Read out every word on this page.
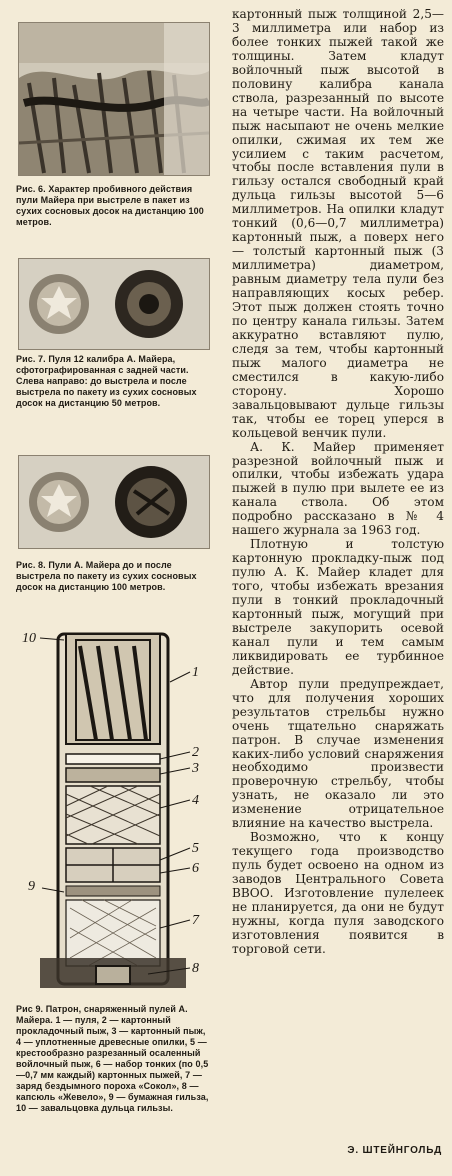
Рис. 6. Характер пробивного действия пули Майера при выстреле в пакет из сухих сосновых досок на дистанцию 100 метров.
Рис. 7. Пуля 12 калибра А. Майера, сфотографированная с задней части. Слева направо: до выстрела и после выстрела по пакету из сухих сосновых досок на дистанцию 50 метров.
Рис. 8. Пули А. Майера до и после выстрела по пакету из сухих сосновых досок на дистанцию 100 метров.
10
1
2
3
4
5
6
9
7
8
Рис 9. Патрон, снаряженный пулей А. Майера. 1 — пуля, 2 — картонный прокладочный пыж, 3 — картонный пыж, 4 — уплотненные древесные опилки, 5 — крестообразно разрезанный осаленный войлочный пыж, 6 — набор тонких (по 0,5—0,7 мм каждый) картонных пыжей, 7 — заряд бездымного пороха «Сокол», 8 — капсюль «Жевело», 9 — бумажная гильза, 10 — завальцовка дульца гильзы.

картонный пыж толщиной 2,5—3 миллиметра или набор из более тонких пыжей такой же толщины. Затем кладут войлочный пыж высотой в половину калибра канала ствола, разрезанный по высоте на четыре части. На войлочный пыж насыпают не очень мелкие опилки, сжимая их тем же усилием с таким расчетом, чтобы после вставления пули в гильзу остался свободный край дульца гильзы высотой 5—6 миллиметров. На опилки кладут тонкий (0,6—0,7 миллиметра) картонный пыж, а поверх него — толстый картонный пыж (3 миллиметра) диаметром, равным диаметру тела пули без направляющих косых ребер. Этот пыж должен стоять точно по центру канала гильзы. Затем аккуратно вставляют пулю, следя за тем, чтобы картонный пыж малого диаметра не сместился в какую-либо сторону. Хорошо завальцовывают дульце гильзы так, чтобы ее торец уперся в кольцевой венчик пули.

А. К. Майер применяет разрезной войлочный пыж и опилки, чтобы избежать удара пыжей в пулю при вылете ее из канала ствола. Об этом подробно рассказано в № 4 нашего журнала за 1963 год.

Плотную и толстую картонную прокладку-пыж под пулю А. К. Майер кладет для того, чтобы избежать врезания пули в тонкий прокладочный картонный пыж, могущий при выстреле закупорить осевой канал пули и тем самым ликвидировать ее турбинное действие.

Автор пули предупреждает, что для получения хороших результатов стрельбы нужно очень тщательно снаряжать патрон. В случае изменения каких-либо условий снаряжения необходимо произвести проверочную стрельбу, чтобы узнать, не оказало ли это изменение отрицательное влияние на качество выстрела.

Возможно, что к концу текущего года производство пуль будет освоено на одном из заводов Центрального Совета ВВОО. Изготовление пулелеек не планируется, да они не будут нужны, когда пуля заводского изготовления появится в торговой сети.

Э. ШТЕЙНГОЛЬД
